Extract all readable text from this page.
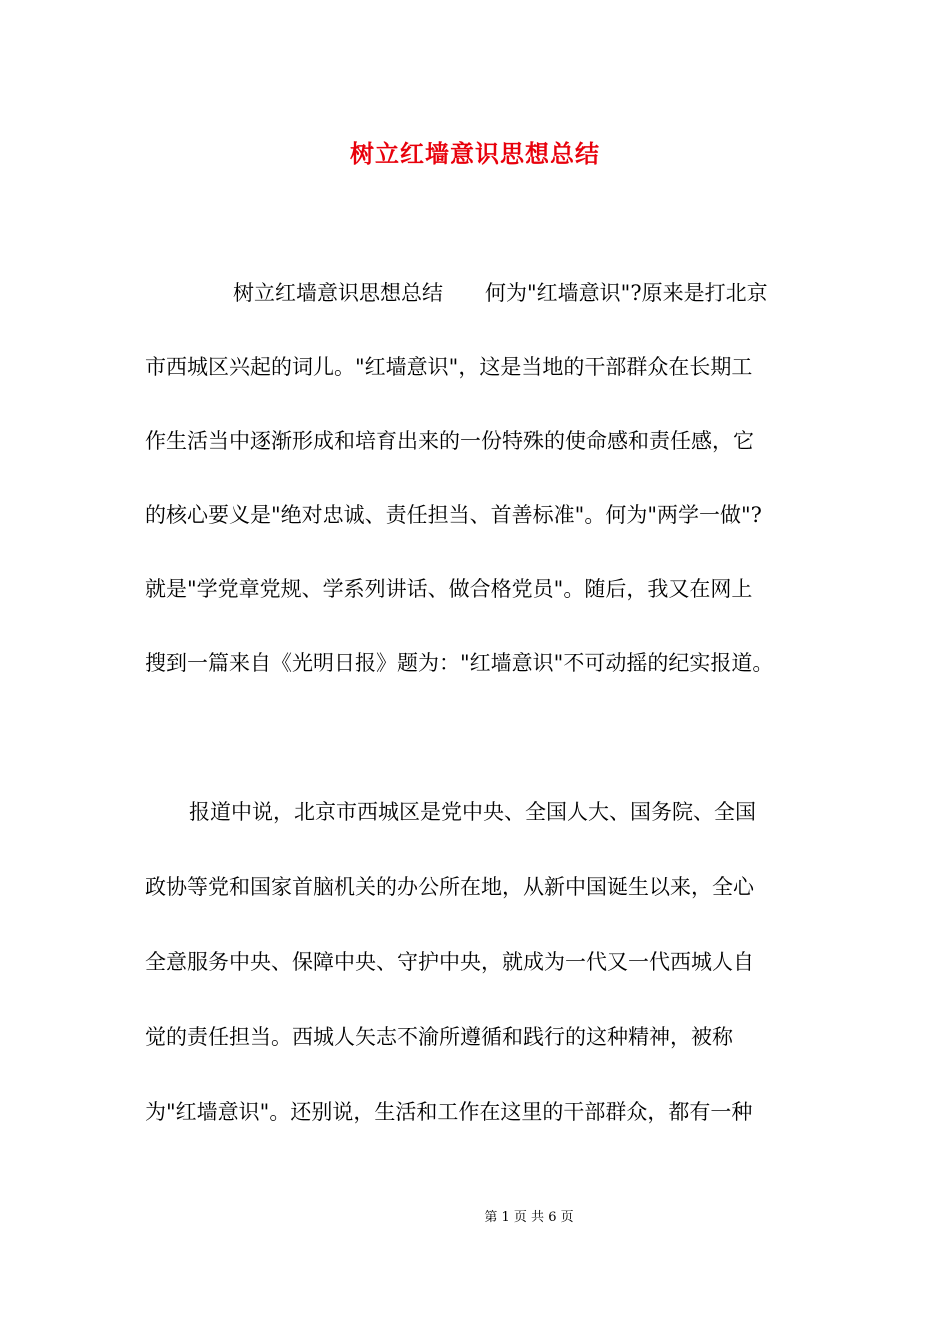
树立红墙意识思想总结

树立红墙意识思想总结　　何为"红墙意识"?原来是打北京

市西城区兴起的词儿。"红墙意识"，这是当地的干部群众在长期工

作生活当中逐渐形成和培育出来的一份特殊的使命感和责任感，它

的核心要义是"绝对忠诚、责任担当、首善标准"。何为"两学一做"?

就是"学党章党规、学系列讲话、做合格党员"。随后，我又在网上

搜到一篇来自《光明日报》题为："红墙意识"不可动摇的纪实报道。

报道中说，北京市西城区是党中央、全国人大、国务院、全国

政协等党和国家首脑机关的办公所在地，从新中国诞生以来，全心

全意服务中央、保障中央、守护中央，就成为一代又一代西城人自

觉的责任担当。西城人矢志不渝所遵循和践行的这种精神，被称

为"红墙意识"。还别说，生活和工作在这里的干部群众，都有一种

第 1 页 共 6 页
